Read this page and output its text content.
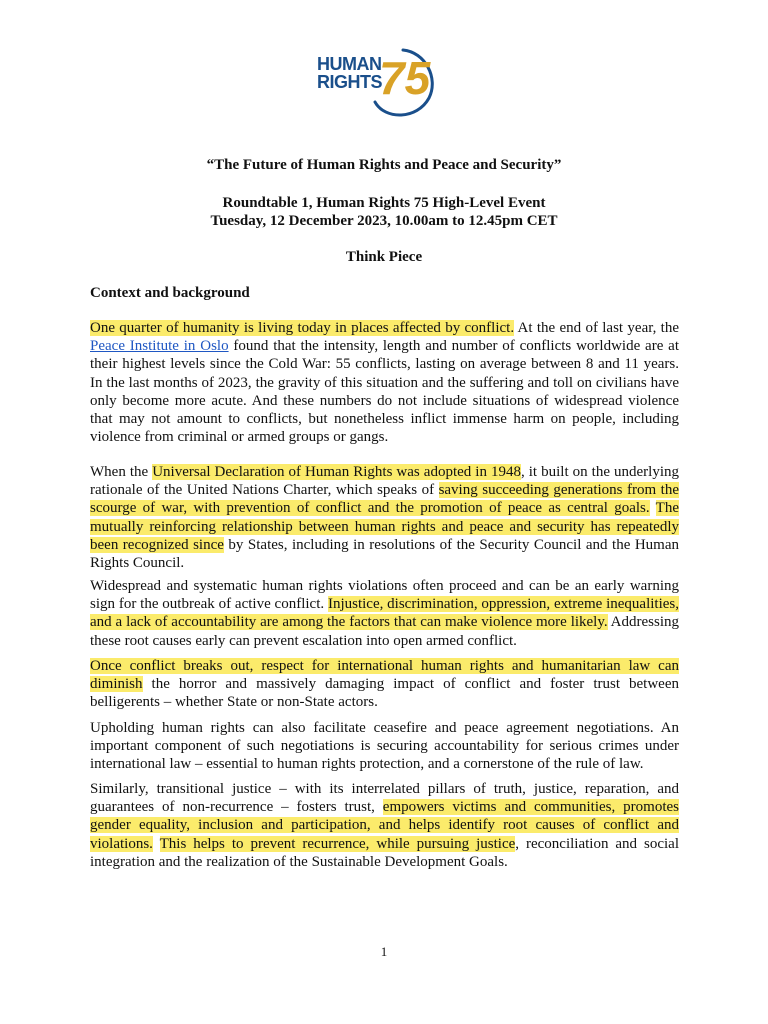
75
HUMAN
RIGHTS
“The Future of Human Rights and Peace and Security”
Roundtable 1, Human Rights 75 High-Level Event
Tuesday, 12 December 2023, 10.00am to 12.45pm CET
Think Piece
Context and background
One quarter of humanity is living today in places affected by conflict. At the end of last year, the Peace Institute in Oslo found that the intensity, length and number of conflicts worldwide are at their highest levels since the Cold War: 55 conflicts, lasting on average between 8 and 11 years. In the last months of 2023, the gravity of this situation and the suffering and toll on civilians have only become more acute. And these numbers do not include situations of widespread violence that may not amount to conflicts, but nonetheless inflict immense harm on people, including violence from criminal or armed groups or gangs.
When the Universal Declaration of Human Rights was adopted in 1948, it built on the underlying rationale of the United Nations Charter, which speaks of saving succeeding generations from the scourge of war, with prevention of conflict and the promotion of peace as central goals. The mutually reinforcing relationship between human rights and peace and security has repeatedly been recognized since by States, including in resolutions of the Security Council and the Human Rights Council.
Widespread and systematic human rights violations often proceed and can be an early warning sign for the outbreak of active conflict. Injustice, discrimination, oppression, extreme inequalities, and a lack of accountability are among the factors that can make violence more likely. Addressing these root causes early can prevent escalation into open armed conflict.
Once conflict breaks out, respect for international human rights and humanitarian law can diminish the horror and massively damaging impact of conflict and foster trust between belligerents – whether State or non-State actors.
Upholding human rights can also facilitate ceasefire and peace agreement negotiations. An important component of such negotiations is securing accountability for serious crimes under international law – essential to human rights protection, and a cornerstone of the rule of law.
Similarly, transitional justice – with its interrelated pillars of truth, justice, reparation, and guarantees of non-recurrence – fosters trust, empowers victims and communities, promotes gender equality, inclusion and participation, and helps identify root causes of conflict and violations. This helps to prevent recurrence, while pursuing justice, reconciliation and social integration and the realization of the Sustainable Development Goals.
1
